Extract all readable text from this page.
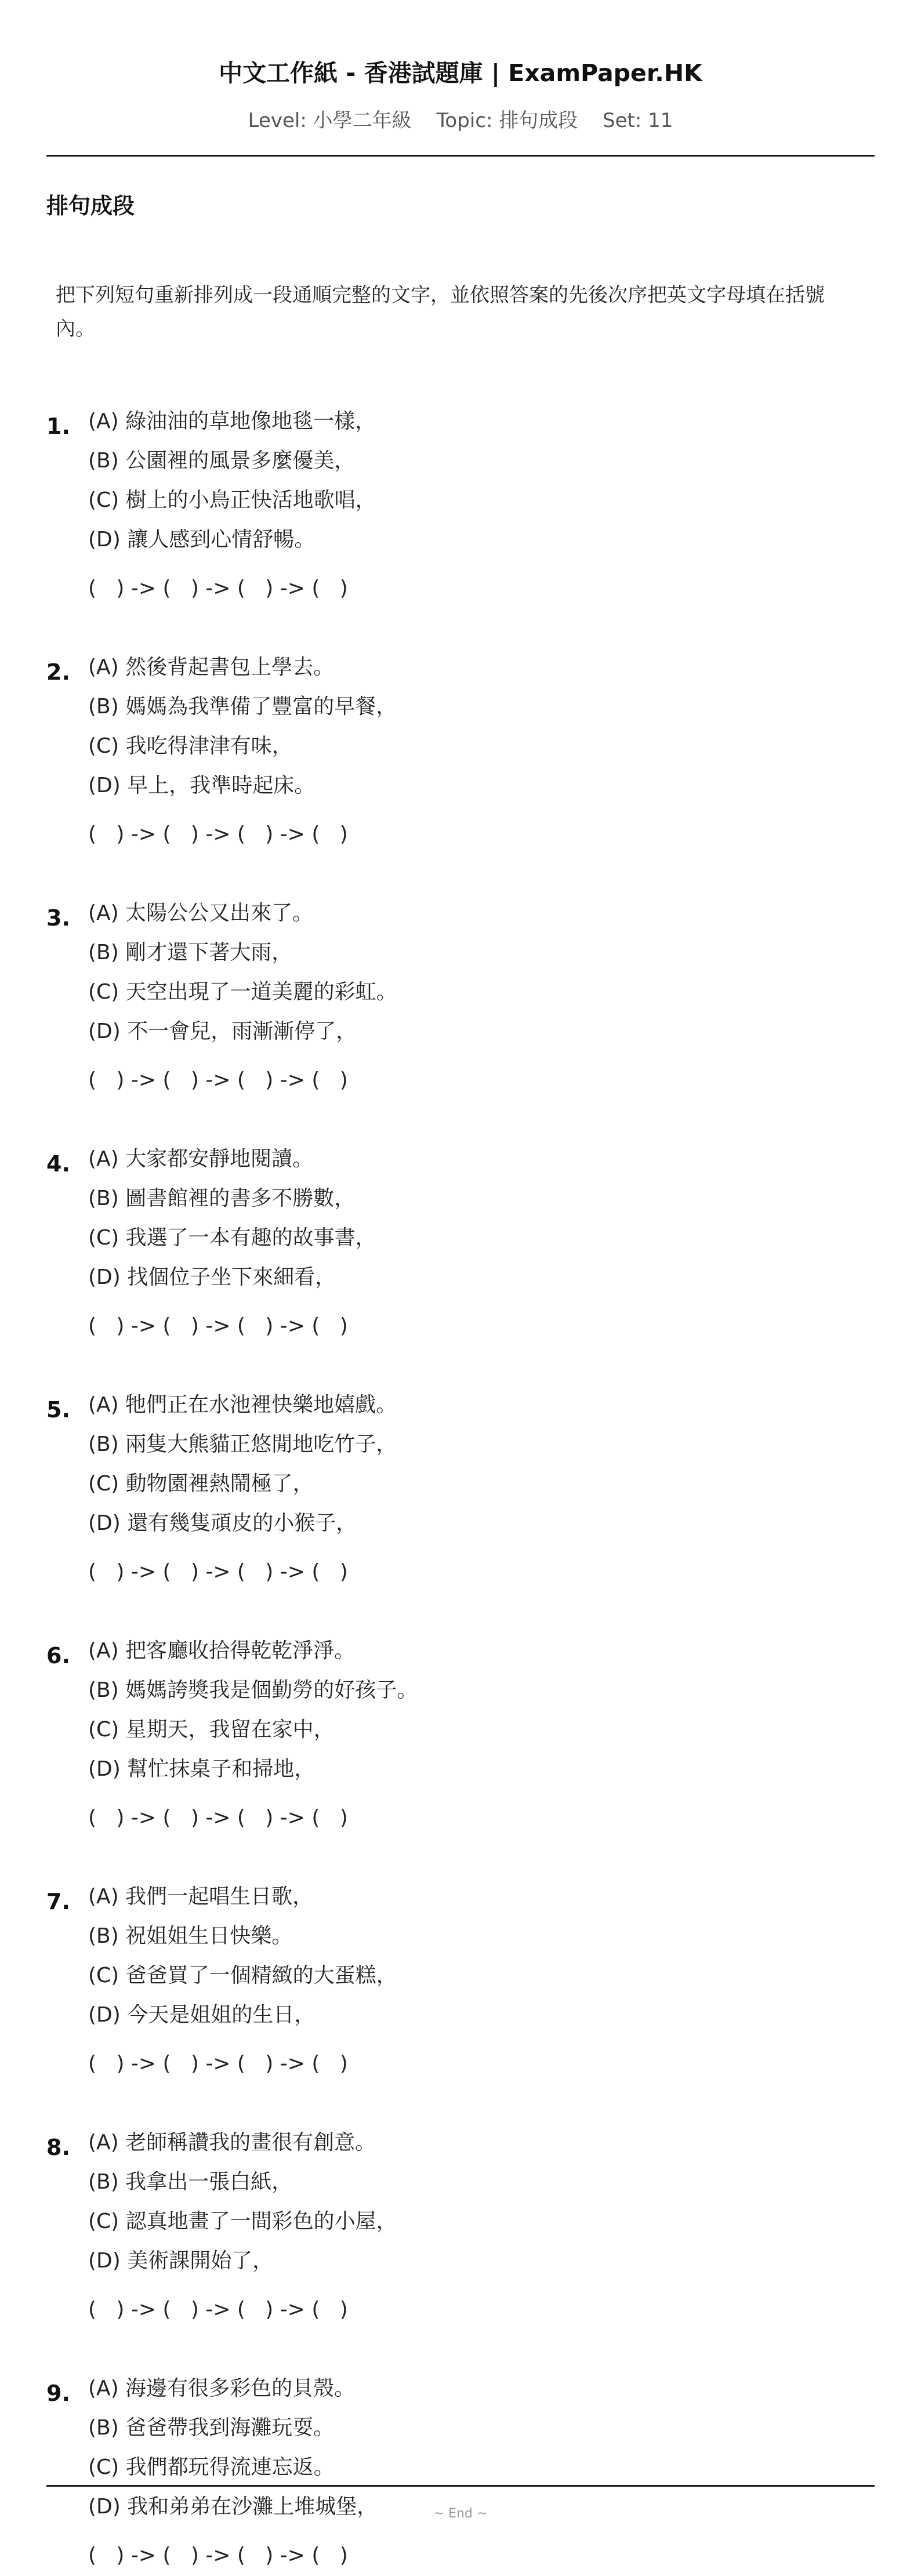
中文工作紙 - 香港試題庫 | ExamPaper.HK
Level: 小學二年級 Topic: 排句成段 Set: 11
排句成段
把下列短句重新排列成一段通順完整的文字，並依照答案的先後次序把英文字母填在括號內。
1. (A) 綠油油的草地像地毯一樣，
(B) 公園裡的風景多麼優美，
(C) 樹上的小鳥正快活地歌唱，
(D) 讓人感到心情舒暢。
(   ) -> (   ) -> (   ) -> (   )
2. (A) 然後背起書包上學去。
(B) 媽媽為我準備了豐富的早餐，
(C) 我吃得津津有味，
(D) 早上，我準時起床。
(   ) -> (   ) -> (   ) -> (   )
3. (A) 太陽公公又出來了。
(B) 剛才還下著大雨，
(C) 天空出現了一道美麗的彩虹。
(D) 不一會兒，雨漸漸停了，
(   ) -> (   ) -> (   ) -> (   )
4. (A) 大家都安靜地閱讀。
(B) 圖書館裡的書多不勝數，
(C) 我選了一本有趣的故事書，
(D) 找個位子坐下來細看，
(   ) -> (   ) -> (   ) -> (   )
5. (A) 牠們正在水池裡快樂地嬉戲。
(B) 兩隻大熊貓正悠閒地吃竹子，
(C) 動物園裡熱鬧極了，
(D) 還有幾隻頑皮的小猴子，
(   ) -> (   ) -> (   ) -> (   )
6. (A) 把客廳收拾得乾乾淨淨。
(B) 媽媽誇獎我是個勤勞的好孩子。
(C) 星期天，我留在家中，
(D) 幫忙抹桌子和掃地，
(   ) -> (   ) -> (   ) -> (   )
7. (A) 我們一起唱生日歌，
(B) 祝姐姐生日快樂。
(C) 爸爸買了一個精緻的大蛋糕，
(D) 今天是姐姐的生日，
(   ) -> (   ) -> (   ) -> (   )
8. (A) 老師稱讚我的畫很有創意。
(B) 我拿出一張白紙，
(C) 認真地畫了一間彩色的小屋，
(D) 美術課開始了，
(   ) -> (   ) -> (   ) -> (   )
9. (A) 海邊有很多彩色的貝殼。
(B) 爸爸帶我到海灘玩耍。
(C) 我們都玩得流連忘返。
(D) 我和弟弟在沙灘上堆城堡，
(   ) -> (   ) -> (   ) -> (   )
~ End ~
